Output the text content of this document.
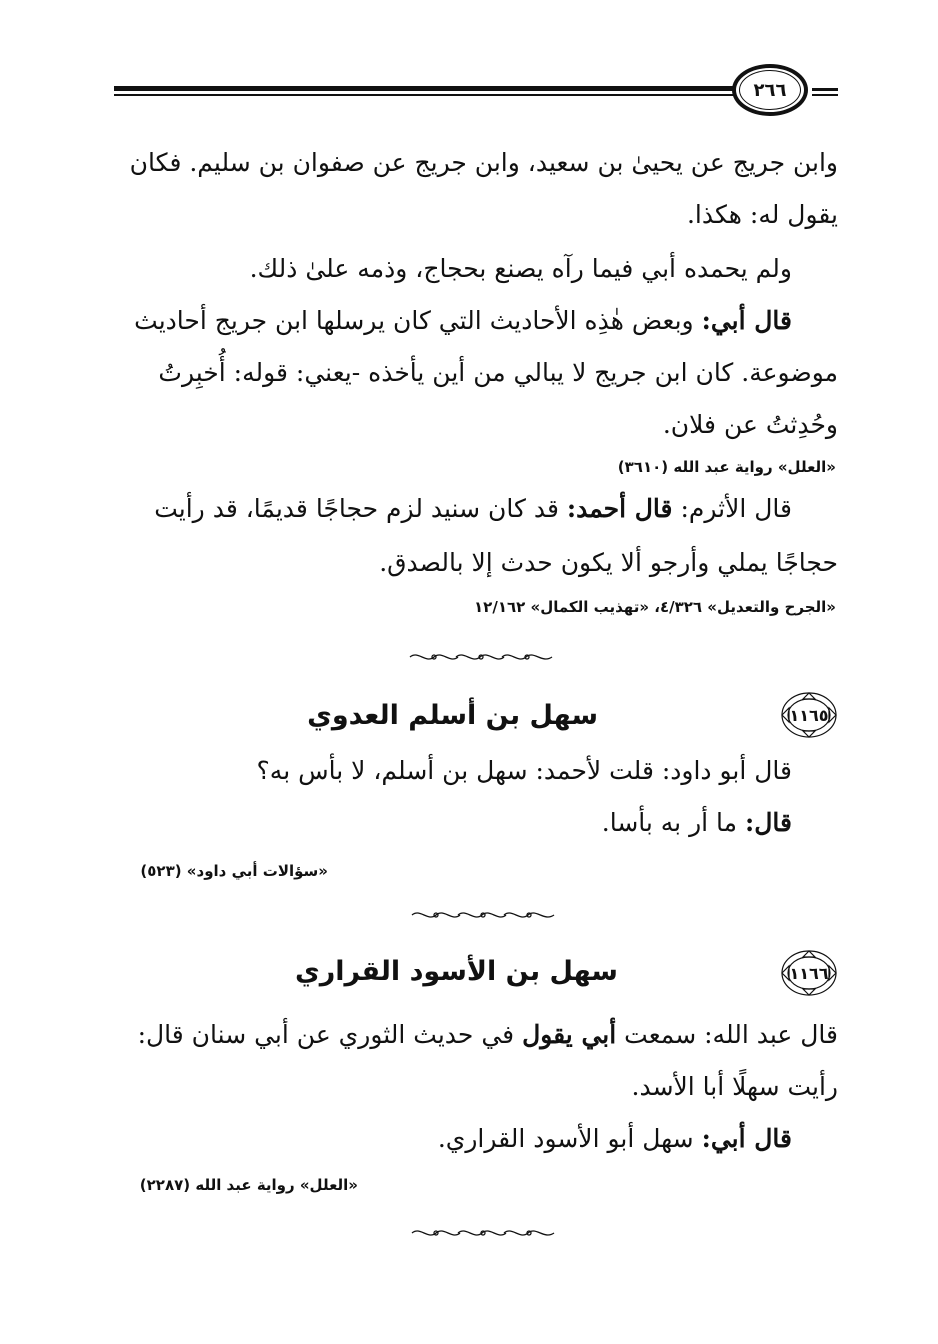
٢٦٦
وابن جريج عن يحيىٰ بن سعيد، وابن جريج عن صفوان بن سليم. فكان
يقول له: هكذا.
ولم يحمده أبي فيما رآه يصنع بحجاج، وذمه علىٰ ذلك.
قال أبي: وبعض هٰذِه الأحاديث التي كان يرسلها ابن جريج أحاديث
موضوعة. كان ابن جريج لا يبالي من أين يأخذه -يعني: قوله: أُخبِرتُ
وحُدِثتُ عن فلان.
«العلل» رواية عبد الله (٣٦١٠)
قال الأثرم: قال أحمد: قد كان سنيد لزم حجاجًا قديمًا، قد رأيت
حجاجًا يملي وأرجو ألا يكون حدث إلا بالصدق.
«الجرح والتعديل» ٤/٣٢٦، «تهذيب الكمال» ١٢/١٦٢
١١٦٥
سهل بن أسلم العدوي
قال أبو داود: قلت لأحمد: سهل بن أسلم، لا بأس به؟
قال: ما أر به بأسا.
«سؤالات أبي داود» (٥٢٣)
١١٦٦
سهل بن الأسود القراري
قال عبد الله: سمعت أبي يقول في حديث الثوري عن أبي سنان قال:
رأيت سهلًا أبا الأسد.
قال أبي: سهل أبو الأسود القراري.
«العلل» رواية عبد الله (٢٢٨٧)
